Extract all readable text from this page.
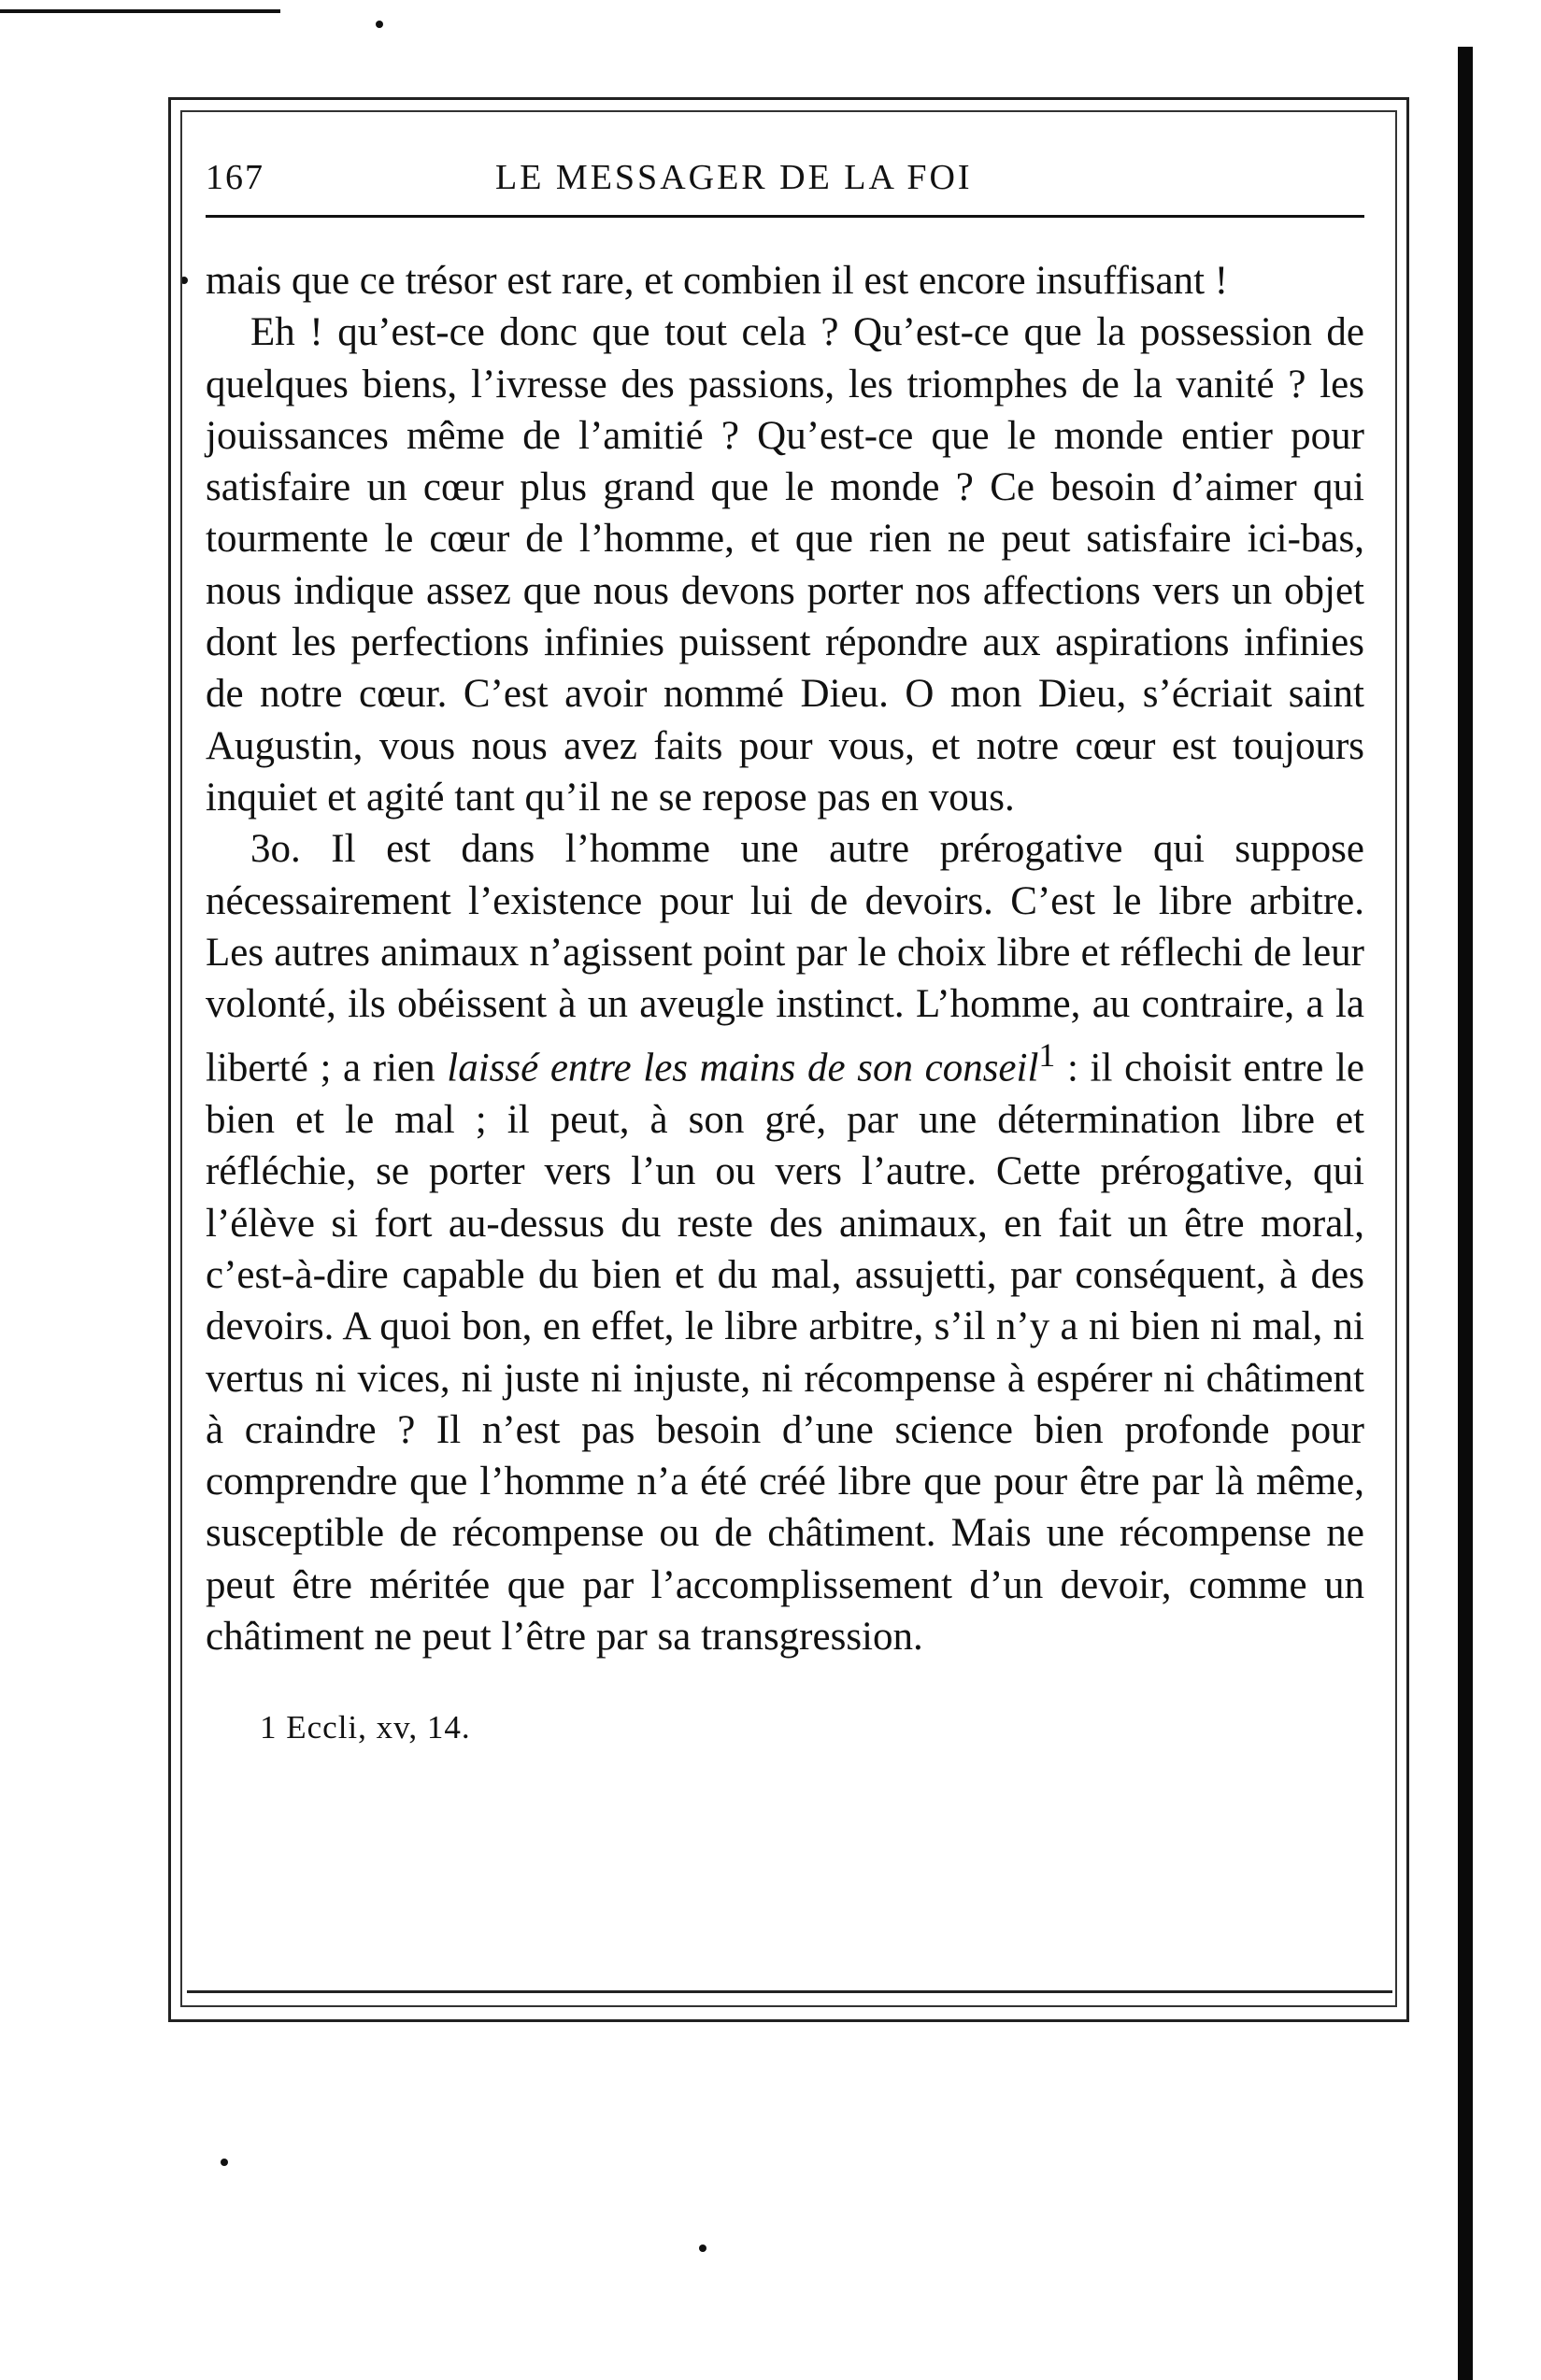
167	LE MESSAGER DE LA FOI

mais que ce trésor est rare, et combien il est encore insuffisant !

Eh ! qu’est-ce donc que tout cela ? Qu’est-ce que la possession de quelques biens, l’ivresse des passions, les triomphes de la vanité ? les jouissances même de l’amitié ? Qu’est-ce que le monde entier pour satisfaire un cœur plus grand que le monde ? Ce besoin d’aimer qui tourmente le cœur de l’homme, et que rien ne peut satisfaire ici-bas, nous indique assez que nous devons porter nos affections vers un objet dont les perfections infinies puissent répondre aux aspirations infinies de notre cœur. C’est avoir nommé Dieu. O mon Dieu, s’écriait saint Augustin, vous nous avez faits pour vous, et notre cœur est toujours inquiet et agité tant qu’il ne se repose pas en vous.

3o. Il est dans l’homme une autre prérogative qui suppose nécessairement l’existence pour lui de devoirs. C’est le libre arbitre. Les autres animaux n’agissent point par le choix libre et réflechi de leur volonté, ils obéissent à un aveugle instinct. L’homme, au contraire, a la liberté ; a rien laissé entre les mains de son conseil$^1$ : il choisit entre le bien et le mal ; il peut, à son gré, par une détermination libre et réfléchie, se porter vers l’un ou vers l’autre. Cette prérogative, qui l’élève si fort au-dessus du reste des animaux, en fait un être moral, c’est-à-dire capable du bien et du mal, assujetti, par conséquent, à des devoirs. A quoi bon, en effet, le libre arbitre, s’il n’y a ni bien ni mal, ni vertus ni vices, ni juste ni injuste, ni récompense à espérer ni châtiment à craindre ? Il n’est pas besoin d’une science bien profonde pour comprendre que l’homme n’a été créé libre que pour être par là même, susceptible de récompense ou de châtiment. Mais une récompense ne peut être méritée que par l’accomplissement d’un devoir, comme un châtiment ne peut l’être par sa transgression.

1 Eccli, xv, 14.
